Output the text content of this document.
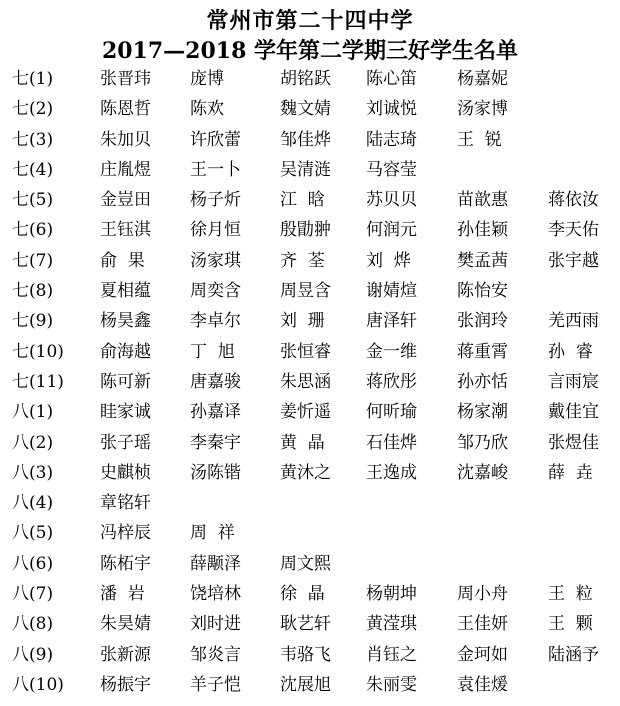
常州市第二十四中学
2017—2018 学年第二学期三好学生名单
七(1)	张晋玮 庞博	胡铭跃 陈心笛 杨嘉妮
七(2)	陈恩哲 陈欢	魏文婧 刘诚悦 汤家博
七(3)	朱加贝 许欣蕾 邹佳烨 陆志琦 王  锐
七(4)	庄胤煜 王一卜 吴清涟 马容莹
七(5)	金豈田 杨子炘 江  晗 苏贝贝 苗歆惠 蒋依汝
七(6)	王钰淇 徐月恒 殷勖翀 何润元 孙佳颖 李天佑
七(7)	俞  果	汤家琪 齐  荃 刘  烨	樊孟茜 张宇越
七(8)	夏相蕴 周奕含 周昱含 谢婧煊 陈怡安
七(9)	杨昊鑫 李卓尔 刘  珊 唐泽轩 张润玲 羌西雨
七(10) 俞海越 丁  旭	张恒睿 金一维 蒋重霄 孙  睿
七(11) 陈可新 唐嘉骏 朱思涵 蒋欣彤 孙亦恬 言雨宸
八(1)	眭家诚 孙嘉译 姜忻遥 何昕瑜 杨家潮 戴佳宜
八(2)	张子瑶 李秦宇 黄  晶 石佳烨 邹乃欣 张煜佳
八(3)	史麒桢 汤陈锴 黄沐之 王逸成 沈嘉峻 薛  垚
八(4)	章铭轩
八(5)	冯梓辰 周  祥
八(6)	陈柘宇 薛颙泽 周文熙
八(7)	潘  岩	饶培林 徐  晶 杨朝坤 周小舟 王  粒
八(8)	朱昊婧 刘时进 耿艺轩 黄滢琪 王佳妍 王  颗
八(9)	张新源 邹炎言 韦骆飞 肖钰之 金珂如 陆涵予
八(10) 杨振宇 羊子恺 沈展旭 朱丽雯 袁佳煖
